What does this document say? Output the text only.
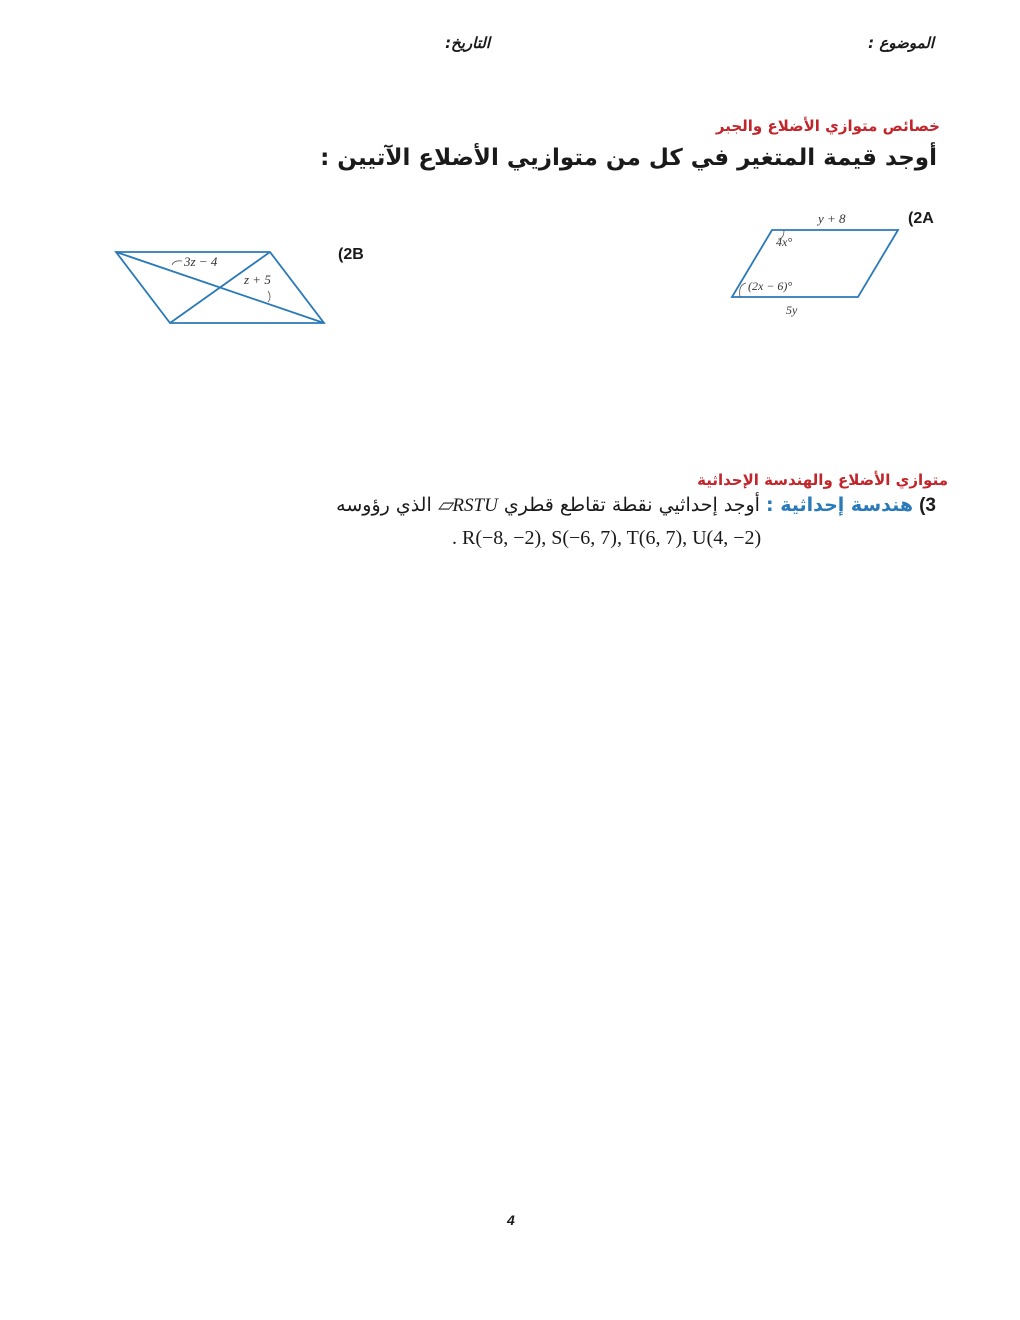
الموضوع :
التاريخ:
خصائص متوازي الأضلاع والجبر
أوجد قيمة المتغير في كل من متوازيي الأضلاع الآتيين :
(2A
y + 8
4x°
(2x − 6)°
5y
(2B
3z − 4
z + 5
متوازي الأضلاع والهندسة الإحداثية
3) هندسة إحداثية : أوجد إحداثيي نقطة تقاطع قطري ▱RSTU الذي رؤوسه
. R(−8, −2), S(−6, 7), T(6, 7), U(4, −2)
4
